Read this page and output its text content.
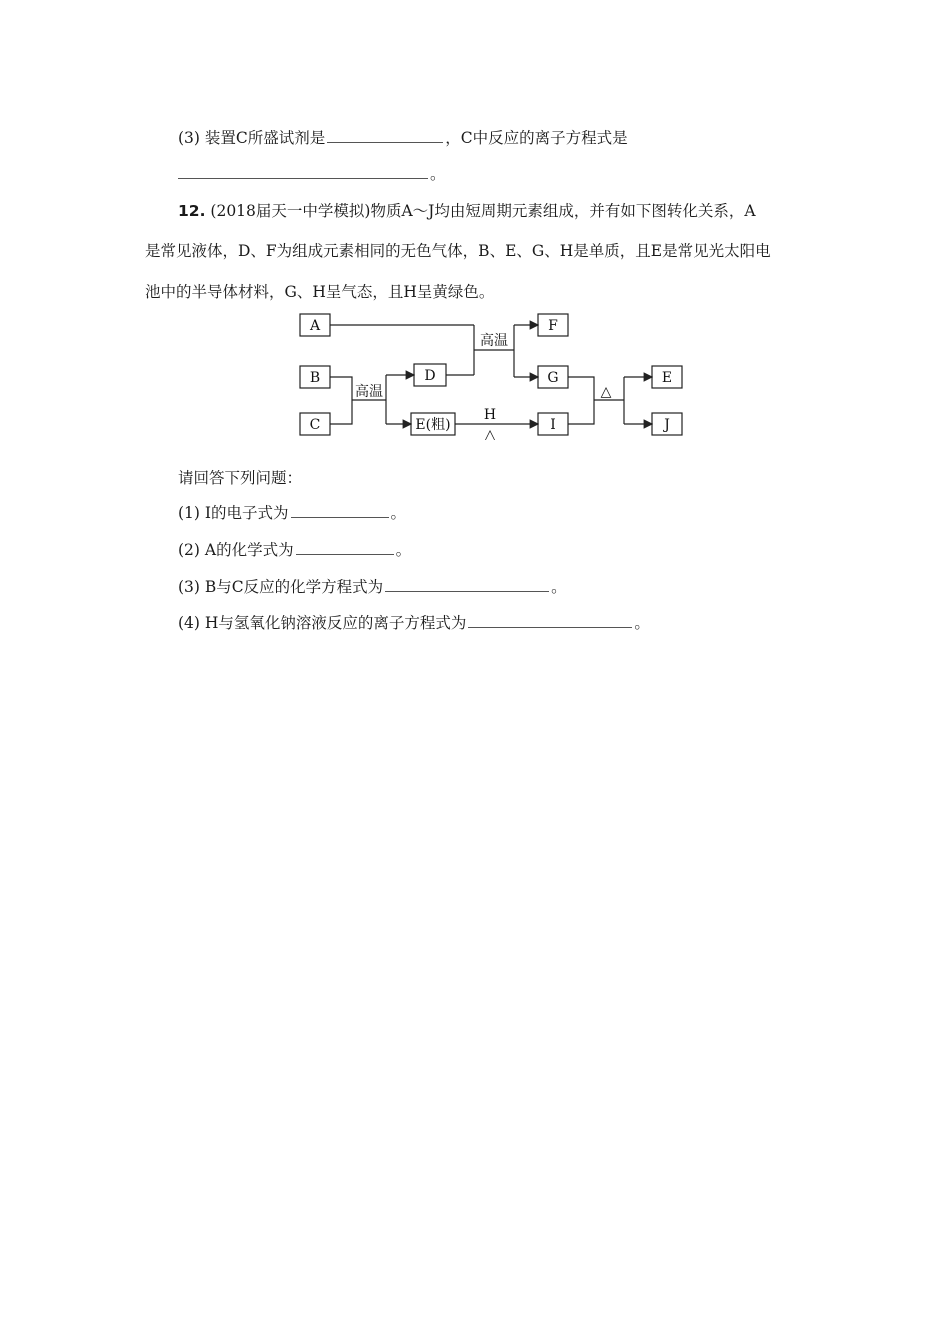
(3) 装置C所盛试剂是	，C中反应的离子方程式是
。
12. (2018届天一中学模拟)物质A～J均由短周期元素组成，并有如下图转化关系，A
是常见液体，D、F为组成元素相同的无色气体，B、E、G、H是单质，且E是常见光太阳电
池中的半导体材料，G、H呈气态，且H呈黄绿色。
A
B
C
D
E(粗)
F
G
I
E
J
高温
高温
H
△
△
请回答下列问题：
(1) I的电子式为	。
(2) A的化学式为	。
(3) B与C反应的化学方程式为	。
(4) H与氢氧化钠溶液反应的离子方程式为	。
